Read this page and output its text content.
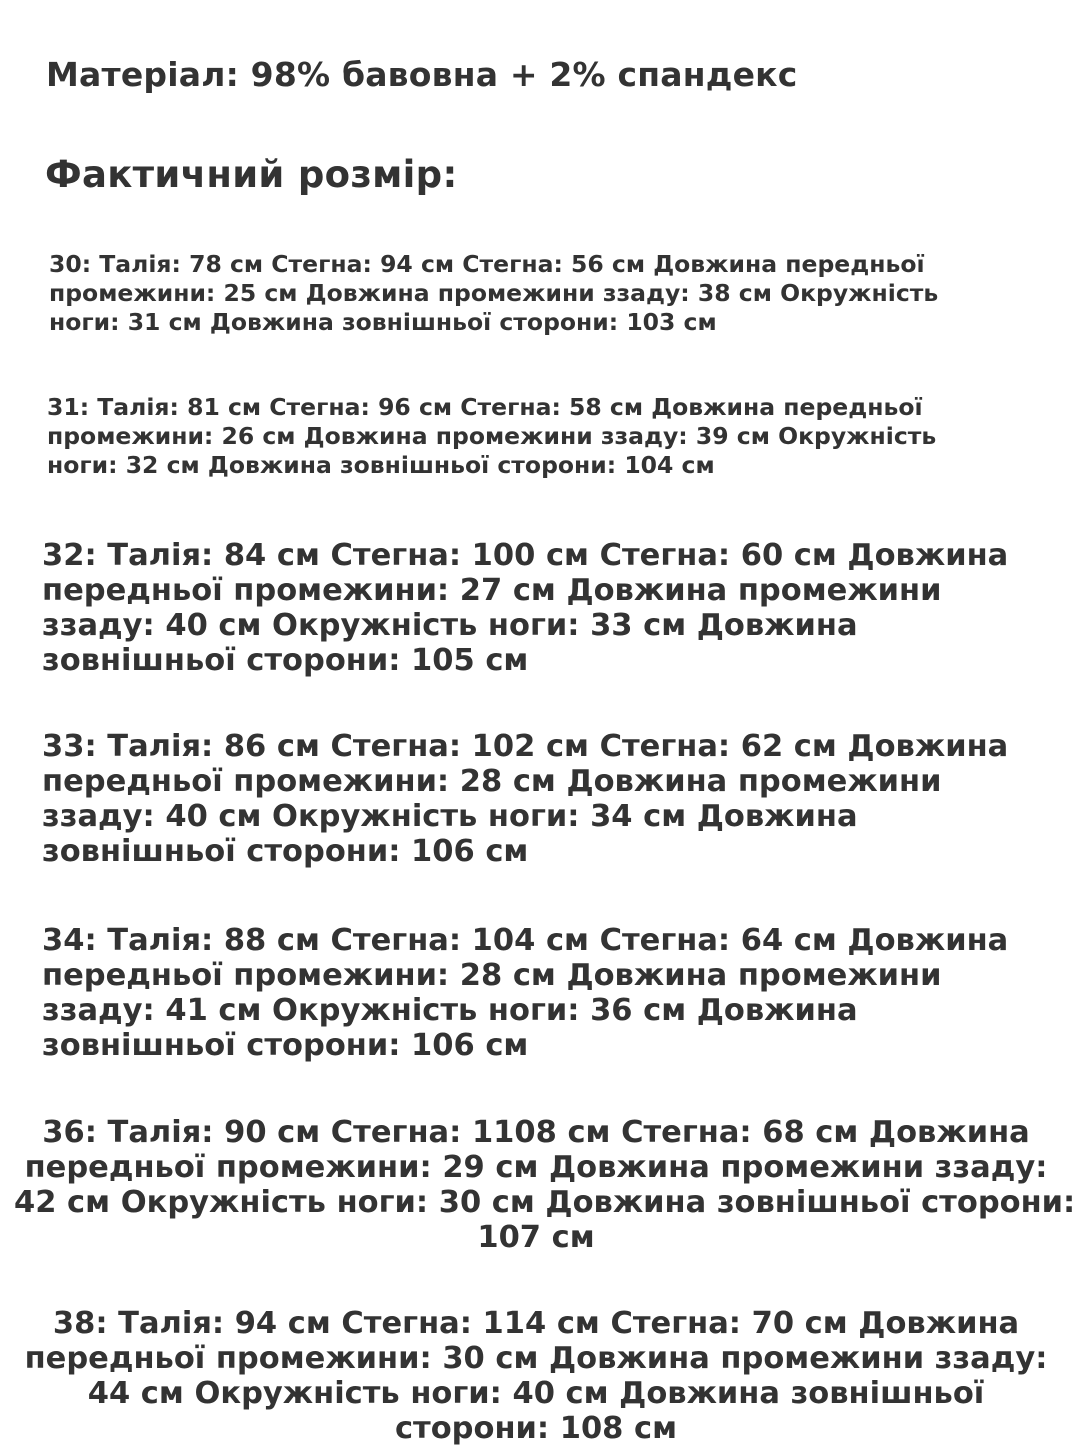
Матеріал: 98% бавовна + 2% спандекс
Фактичний розмір:
30: Талія: 78 см Стегна: 94 см Стегна: 56 см Довжина передньої
промежини: 25 см Довжина промежини ззаду: 38 см Окружність
ноги: 31 см Довжина зовнішньої сторони: 103 см
31: Талія: 81 см Стегна: 96 см Стегна: 58 см Довжина передньої
промежини: 26 см Довжина промежини ззаду: 39 см Окружність
ноги: 32 см Довжина зовнішньої сторони: 104 см
32: Талія: 84 см Стегна: 100 см Стегна: 60 см Довжина
передньої промежини: 27 см Довжина промежини
ззаду: 40 см Окружність ноги: 33 см Довжина
зовнішньої сторони: 105 см
33: Талія: 86 см Стегна: 102 см Стегна: 62 см Довжина
передньої промежини: 28 см Довжина промежини
ззаду: 40 см Окружність ноги: 34 см Довжина
зовнішньої сторони: 106 см
34: Талія: 88 см Стегна: 104 см Стегна: 64 см Довжина
передньої промежини: 28 см Довжина промежини
ззаду: 41 см Окружність ноги: 36 см Довжина
зовнішньої сторони: 106 см
36: Талія: 90 см Стегна: 1108 см Стегна: 68 см Довжина
передньої промежини: 29 см Довжина промежини ззаду:
42 см Окружність ноги: 30 см Довжина зовнішньої сторони:
107 см
38: Талія: 94 см Стегна: 114 см Стегна: 70 см Довжина
передньої промежини: 30 см Довжина промежини ззаду:
44 см Окружність ноги: 40 см Довжина зовнішньої
сторони: 108 см
